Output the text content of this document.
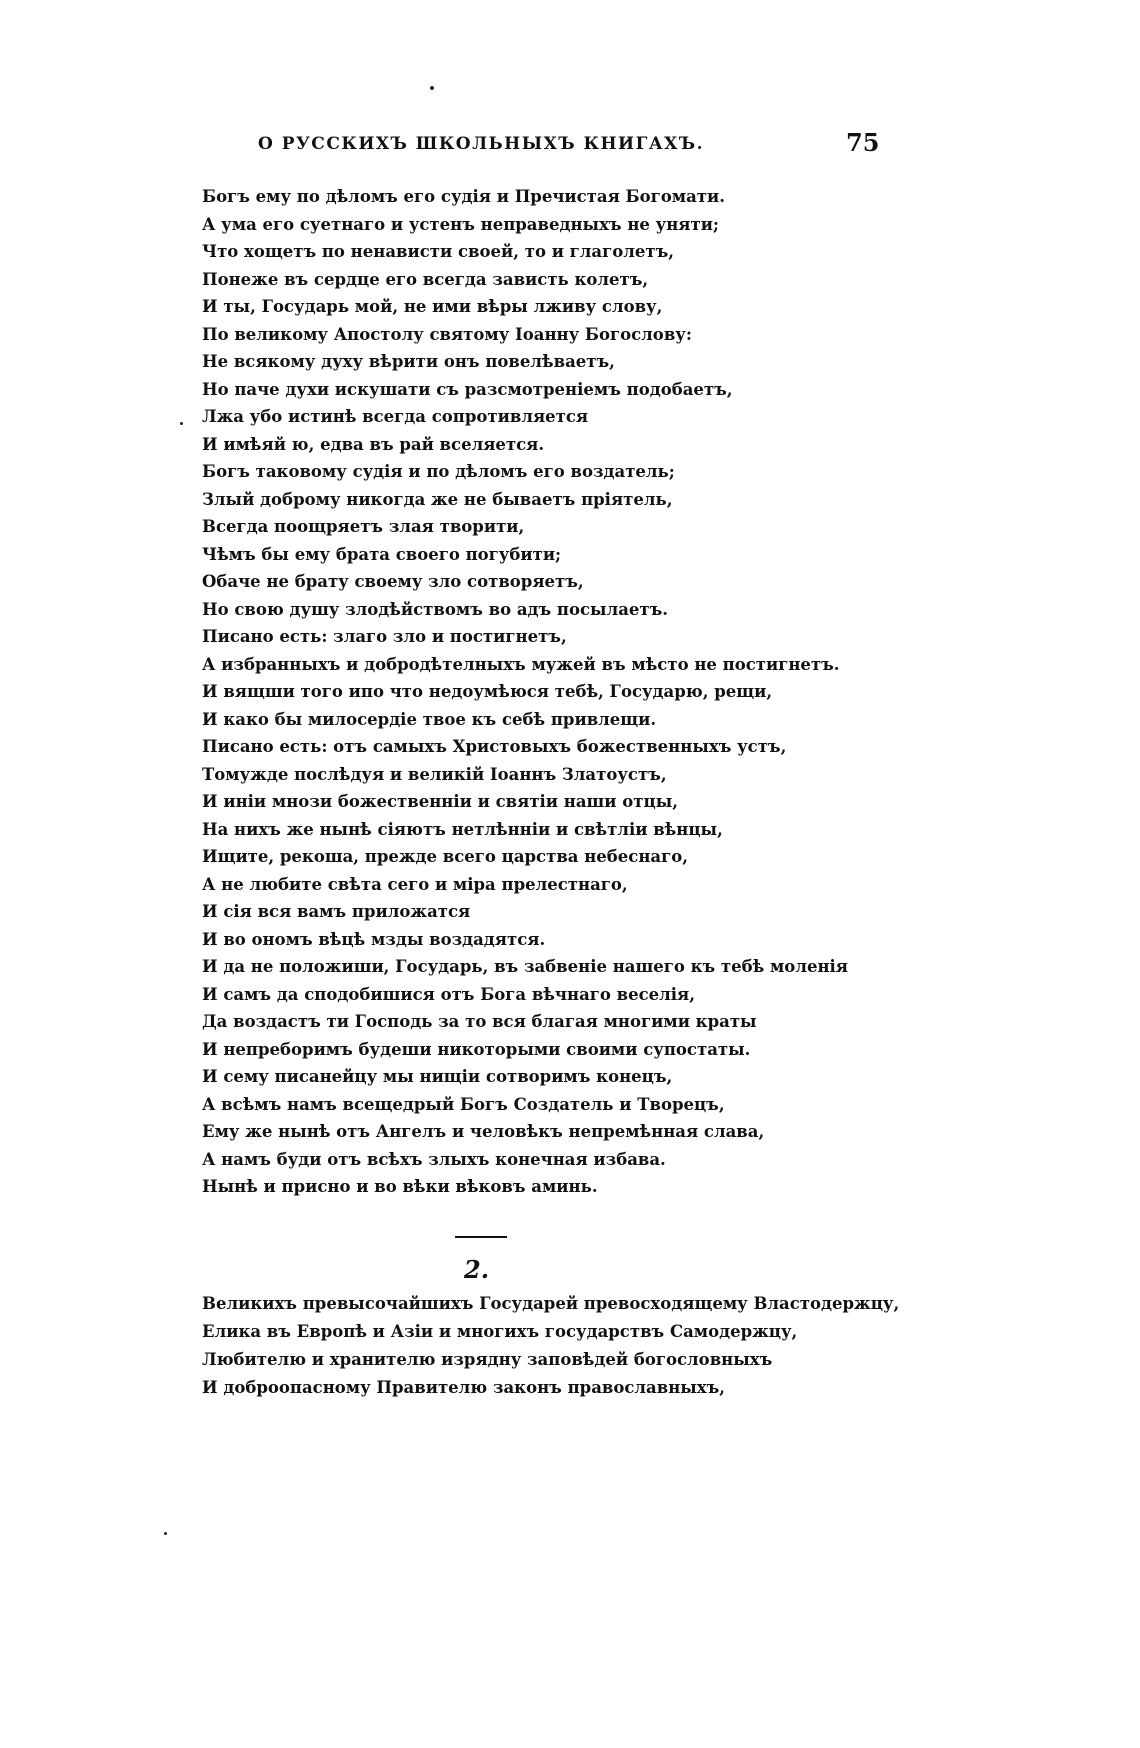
О РУССКИХЪ ШКОЛЬНЫХЪ КНИГАХЪ.	75
Богъ ему по дѣломъ его судія и Пречистая Богомати.
А ума его суетнаго и устенъ неправедныхъ не уняти;
Что хощетъ по ненависти своей, то и глаголетъ,
Понеже въ сердце его всегда зависть колетъ,
И ты, Государь мой, не ими вѣры лживу слову,
По великому Апостолу святому Іоанну Богослову:
Не всякому духу вѣрити онъ повелѣваетъ,
Но паче духи искушати съ разсмотреніемъ подобаетъ,
Лжа убо истинѣ всегда сопротивляется
И имѣяй ю, едва въ рай вселяется.
Богъ таковому судія и по дѣломъ его воздатель;
Злый доброму никогда же не бываетъ пріятель,
Всегда поощряетъ злая творити,
Чѣмъ бы ему брата своего погубити;
Обаче не брату своему зло сотворяетъ,
Но свою душу злодѣйствомъ во адъ посылаетъ.
Писано есть: злаго зло и постигнетъ,
А избранныхъ и добродѣтелныхъ мужей въ мѣсто не постигнетъ.
И вящши того ипо что недоумѣюся тебѣ, Государю, рещи,
И како бы милосердіе твое къ себѣ привлещи.
Писано есть: отъ самыхъ Христовыхъ божественныхъ устъ,
Томужде послѣдуя и великій Іоаннъ Златоустъ,
И иніи мнози божественніи и святіи наши отцы,
На нихъ же нынѣ сіяютъ нетлѣнніи и свѣтліи вѣнцы,
Ищите, рекоша, прежде всего царства небеснаго,
А не любите свѣта сего и міра прелестнаго,
И сія вся вамъ приложатся
И во ономъ вѣцѣ мзды воздадятся.
И да не положиши, Государь, въ забвеніе нашего къ тебѣ моленія
И самъ да сподобишися отъ Бога вѣчнаго веселія,
Да воздастъ ти Господь за то вся благая многими краты
И непреборимъ будеши никоторыми своими супостаты.
И сему писанейцу мы нищіи сотворимъ конецъ,
А всѣмъ намъ всещедрый Богъ Создатель и Творецъ,
Ему же нынѣ отъ Ангелъ и человѣкъ непремѣнная слава,
А намъ буди отъ всѣхъ злыхъ конечная избава.
Нынѣ и присно и во вѣки вѣковъ аминь.
2.
Великихъ превысочайшихъ Государей превосходящему Властодержцу,
Елика въ Европѣ и Азіи и многихъ государствъ Самодержцу,
Любителю и хранителю изрядну заповѣдей богословныхъ
И доброопасному Правителю законъ православныхъ,
